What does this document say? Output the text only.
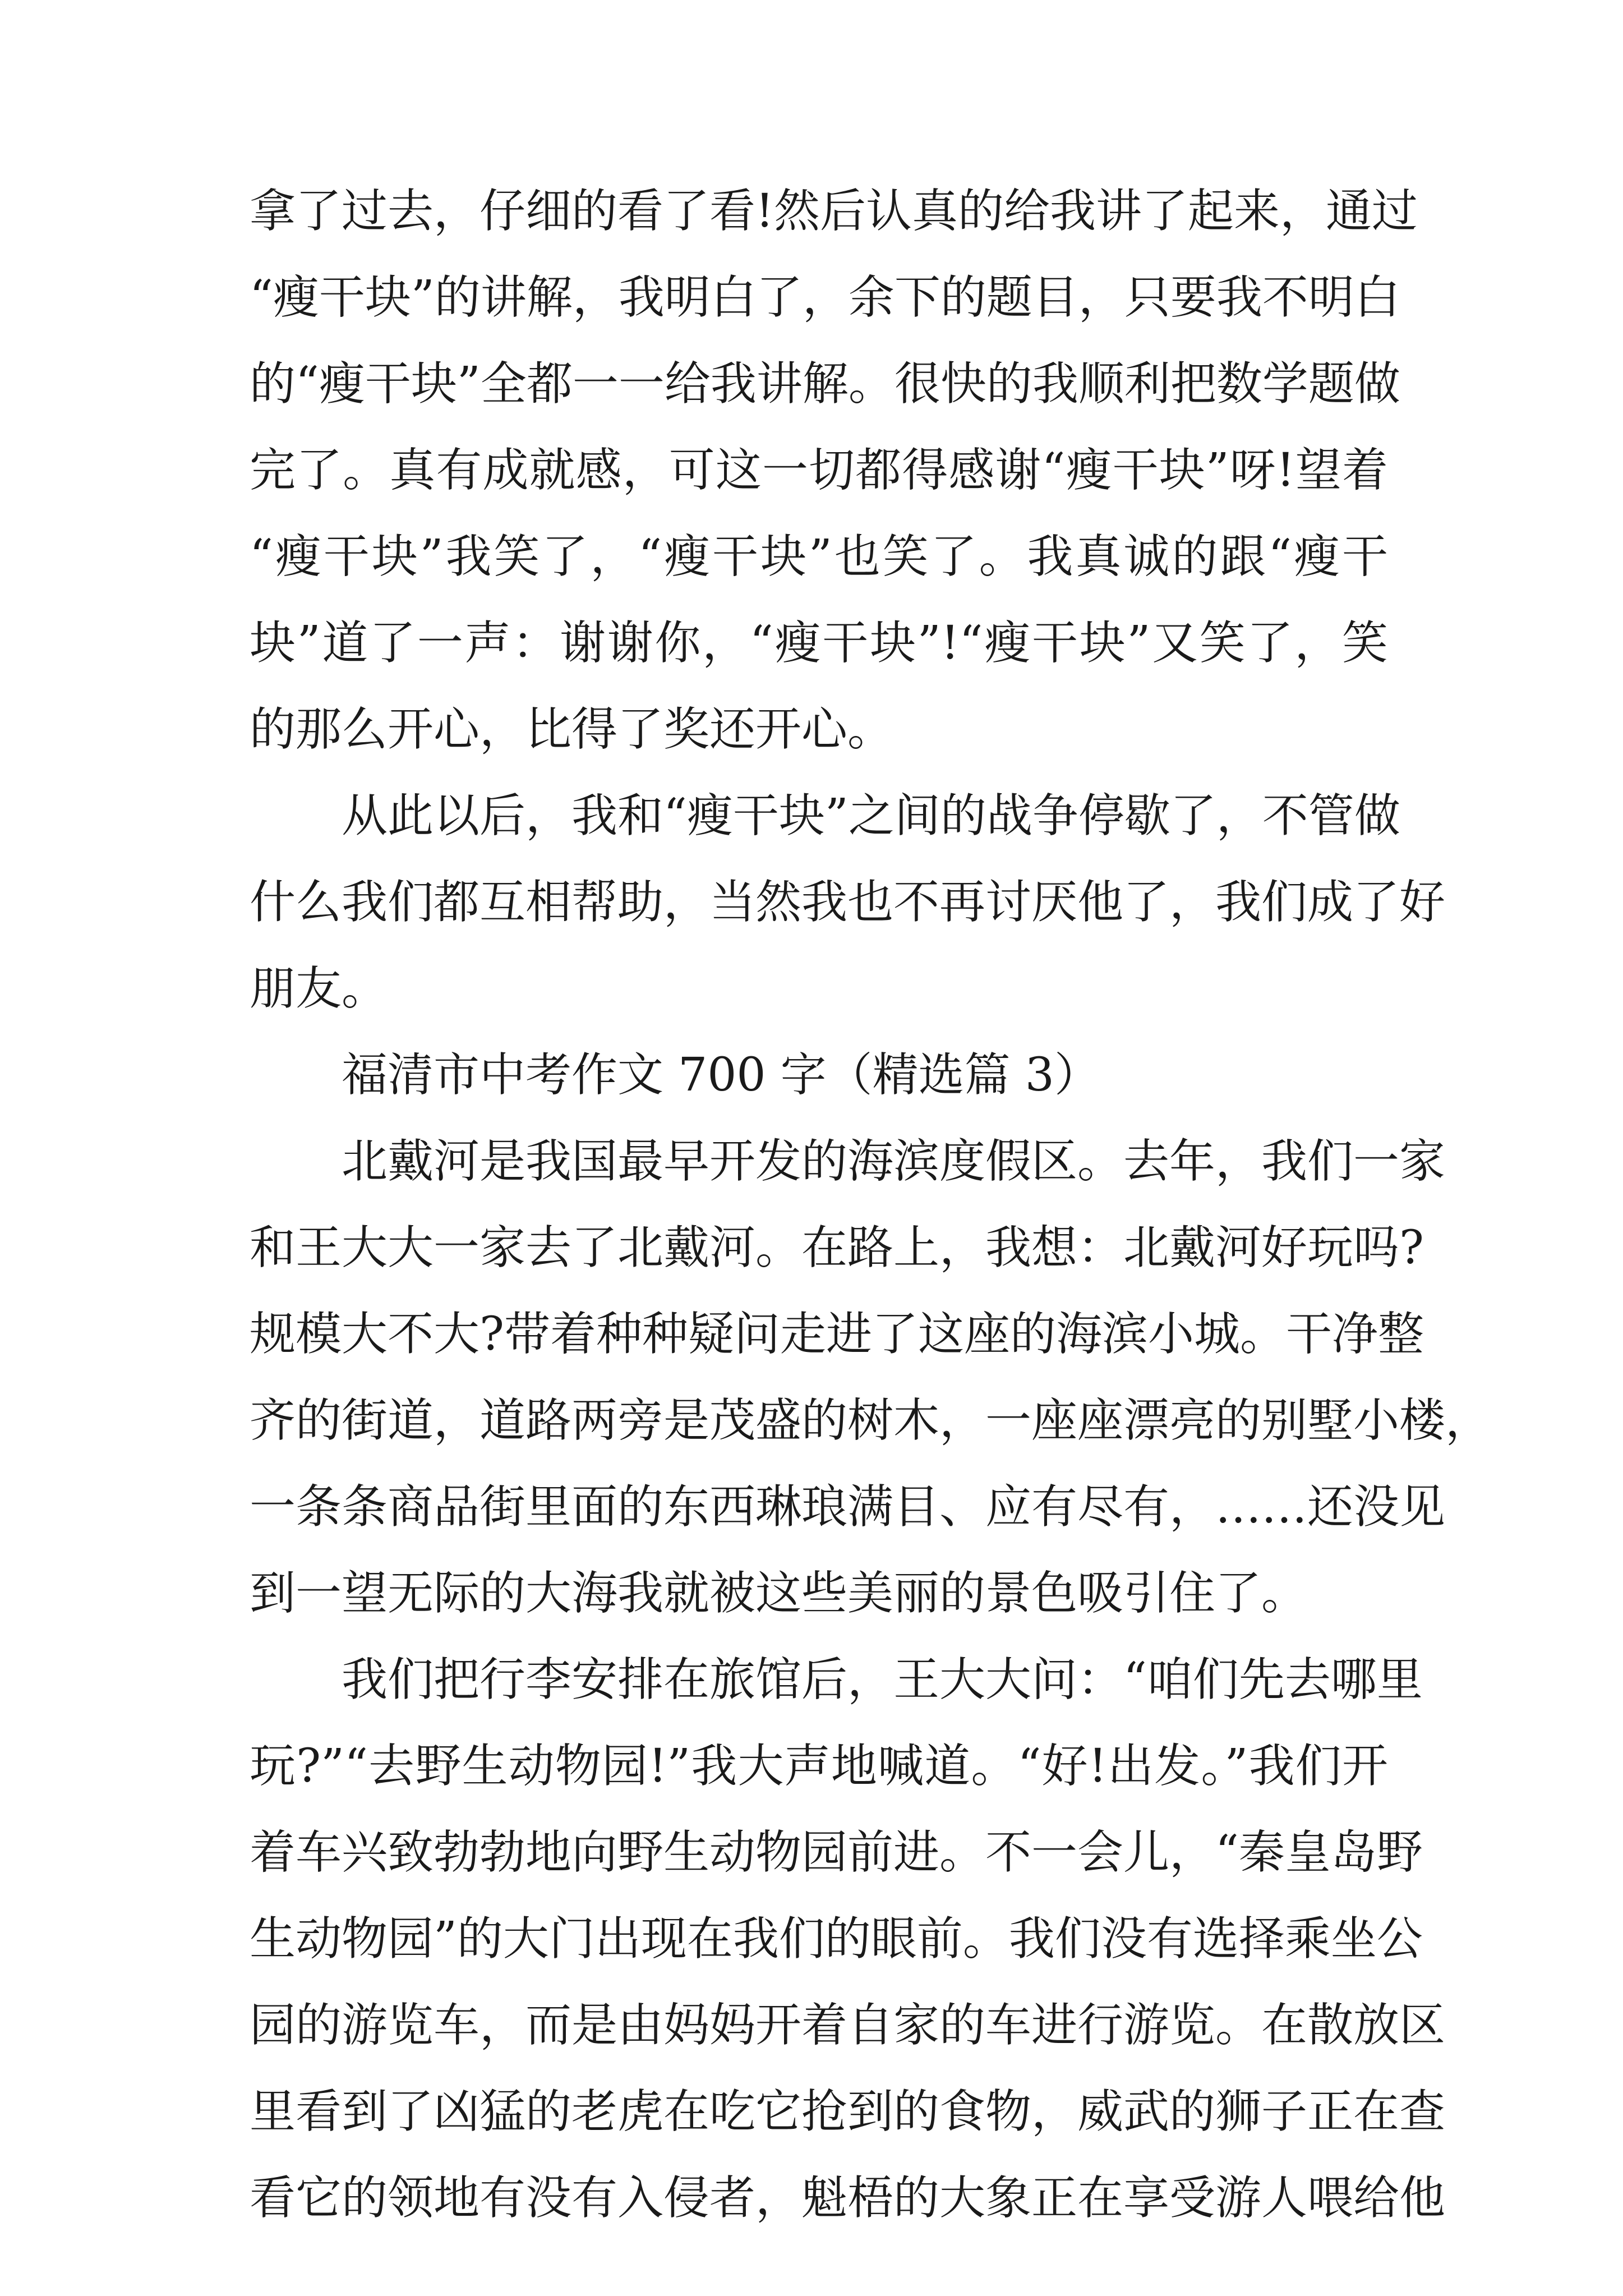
拿了过去，仔细的看了看!然后认真的给我讲了起来，通过
“瘦干块”的讲解，我明白了，余下的题目，只要我不明白
的“瘦干块”全都一一给我讲解。很快的我顺利把数学题做
完了。真有成就感，可这一切都得感谢“瘦干块”呀!望着
“瘦干块”我笑了，“瘦干块”也笑了。我真诚的跟“瘦干
块”道了一声：谢谢你，“瘦干块”!“瘦干块”又笑了，笑
的那么开心，比得了奖还开心。
从此以后，我和“瘦干块”之间的战争停歇了，不管做
什么我们都互相帮助，当然我也不再讨厌他了，我们成了好
朋友。
福清市中考作文 700 字（精选篇 3）
北戴河是我国最早开发的海滨度假区。去年，我们一家
和王大大一家去了北戴河。在路上，我想：北戴河好玩吗?
规模大不大?带着种种疑问走进了这座的海滨小城。干净整
齐的街道，道路两旁是茂盛的树木，一座座漂亮的别墅小楼，
一条条商品街里面的东西琳琅满目、应有尽有，……还没见
到一望无际的大海我就被这些美丽的景色吸引住了。
我们把行李安排在旅馆后，王大大问：“咱们先去哪里
玩?”“去野生动物园!”我大声地喊道。“好!出发。”我们开
着车兴致勃勃地向野生动物园前进。不一会儿，“秦皇岛野
生动物园”的大门出现在我们的眼前。我们没有选择乘坐公
园的游览车，而是由妈妈开着自家的车进行游览。在散放区
里看到了凶猛的老虎在吃它抢到的食物，威武的狮子正在查
看它的领地有没有入侵者，魁梧的大象正在享受游人喂给他
